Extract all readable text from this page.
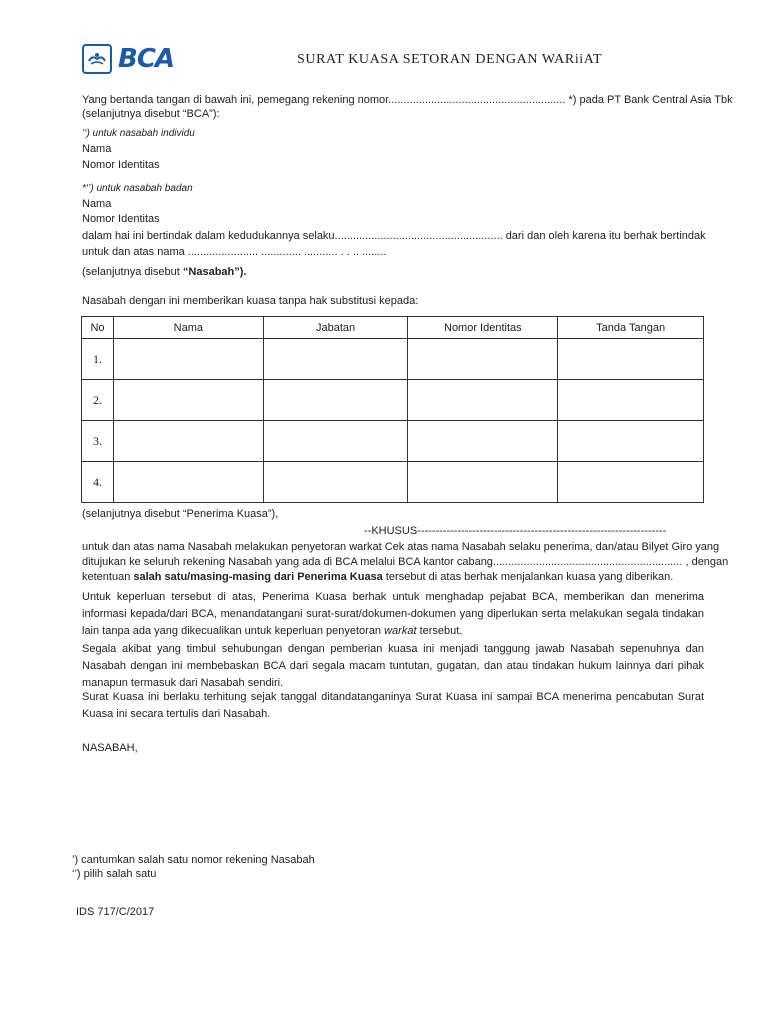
BCA	SURAT KUASA SETORAN DENGAN WARiiAT
Yang bertanda tangan di bawah ini, pemegang rekening nomor.......................................................... *) pada PT Bank Central Asia Tbk
(selanjutnya disebut “BCA”):
’‘) untuk nasabah individu
Nama
Nomor Identitas
*‘’) untuk nasabah badan
Nama
Nomor Identitas
dalam hai ini bertindak dalam kedudukannya selaku....................................................... dari dan oleh karena itu berhak bertindak
untuk dan atas nama ....................... ............. ........... . . .. ........
(selanjutnya disebut “Nasabah”).
Nasabah dengan ini memberikan kuasa tanpa hak substitusi kepada:
No	Nama	Jabatan	Nomor Identitas	Tanda Tangan
1.				
2.				
3.				
4.				
(selanjutnya disebut “Penerima Kuasa”),
--KHUSUS--------------------------------------------------------------------
untuk dan atas nama Nasabah melakukan penyetoran warkat Cek atas nama Nasabah selaku penerima, dan/atau Bilyet Giro yang
ditujukan ke seluruh rekening Nasabah yang ada di BCA melalui BCA kantor cabang.............................................................. , dengan
ketentuan salah satu/masing-masing dari Penerima Kuasa tersebut di atas berhak menjalankan kuasa yang diberikan.
Untuk keperluan tersebut di atas, Penerima Kuasa berhak untuk menghadap pejabat BCA, memberikan dan menerima informasi kepada/dari BCA, menandatangani surat-surat/dokumen-dokumen yang diperlukan serta melakukan segala tindakan lain tanpa ada yang dikecualikan untuk keperluan penyetoran warkat tersebut.
Segala akibat yang timbul sehubungan dengan pemberian kuasa ini menjadi tanggung jawab Nasabah sepenuhnya dan Nasabah dengan ini membebaskan BCA dari segala macam tuntutan, gugatan, dan atau tindakan hukum lainnya dari pihak manapun termasuk dari Nasabah sendiri.
Surat Kuasa ini berlaku terhitung sejak tanggal ditandatanganinya Surat Kuasa ini sampai BCA menerima pencabutan Surat Kuasa ini secara tertulis dari Nasabah.
NASABAH,
’) cantumkan salah satu nomor rekening Nasabah
‘’) pilih salah satu
IDS 717/C/2017
